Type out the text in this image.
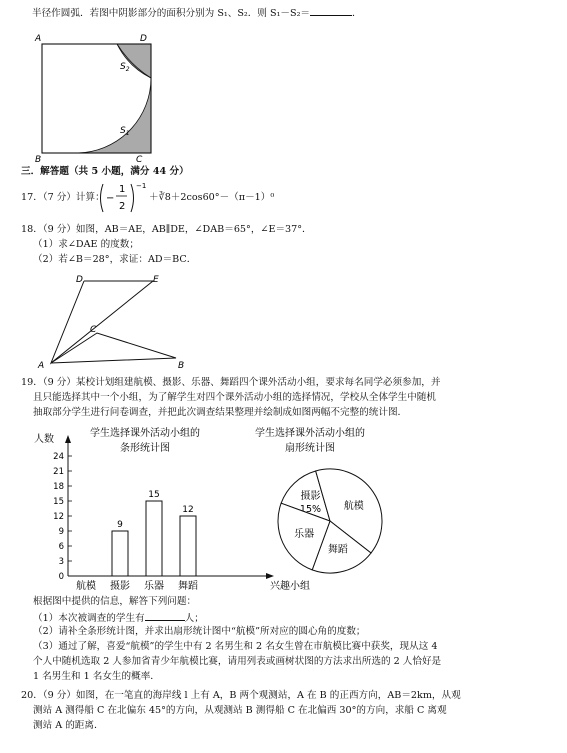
半径作圆弧．若图中阴影部分的面积分别为 S₁、S₂．则 S₁－S₂＝	．
A	D
B	C
$S_2$
$S_1$
三．解答题（共 5 小题，满分 44 分）
17．（7 分）计算： −
1
2
−1
＋∛8＋2cos60°－（π－1）⁰
18．（9 分）如图，AB＝AE，AB∥DE，∠DAB＝65°，∠E＝37°．
（1）求∠DAE 的度数；
（2）若∠B＝28°，求证：AD＝BC．
D	E
A	B
C
19．（9 分）某校计划组建航模、摄影、乐器、舞蹈四个课外活动小组，要求每名同学必须参加，并
且只能选择其中一个小组，为了解学生对四个课外活动小组的选择情况，学校从全体学生中随机
抽取部分学生进行问卷调查，并把此次调查结果整理并绘制成如图两幅不完整的统计图．
人数
兴趣小组
学生选择课外活动小组的
条形统计图
0
3
6
9
12
15
18
21
24
航模 摄影
9
乐器
15
舞蹈
12
学生选择课外活动小组的
扇形统计图
摄影
15% 航模
舞蹈
乐器
根据图中提供的信息，解答下列问题：
（1）本次被调查的学生有	人；
（2）请补全条形统计图，并求出扇形统计图中“航模”所对应的圆心角的度数；
（3）通过了解，喜爱“航模”的学生中有 2 名男生和 2 名女生曾在市航模比赛中获奖，现从这 4
个人中随机选取 2 人参加省青少年航模比赛，请用列表或画树状图的方法求出所选的 2 人恰好是
1 名男生和 1 名女生的概率．
20．（9 分）如图，在一笔直的海岸线 l 上有 A，B 两个观测站，A 在 B 的正西方向，AB＝2km，从观
测站 A 测得船 C 在北偏东 45°的方向，从观测站 B 测得船 C 在北偏西 30°的方向，求船 C 离观
测站 A 的距离．
